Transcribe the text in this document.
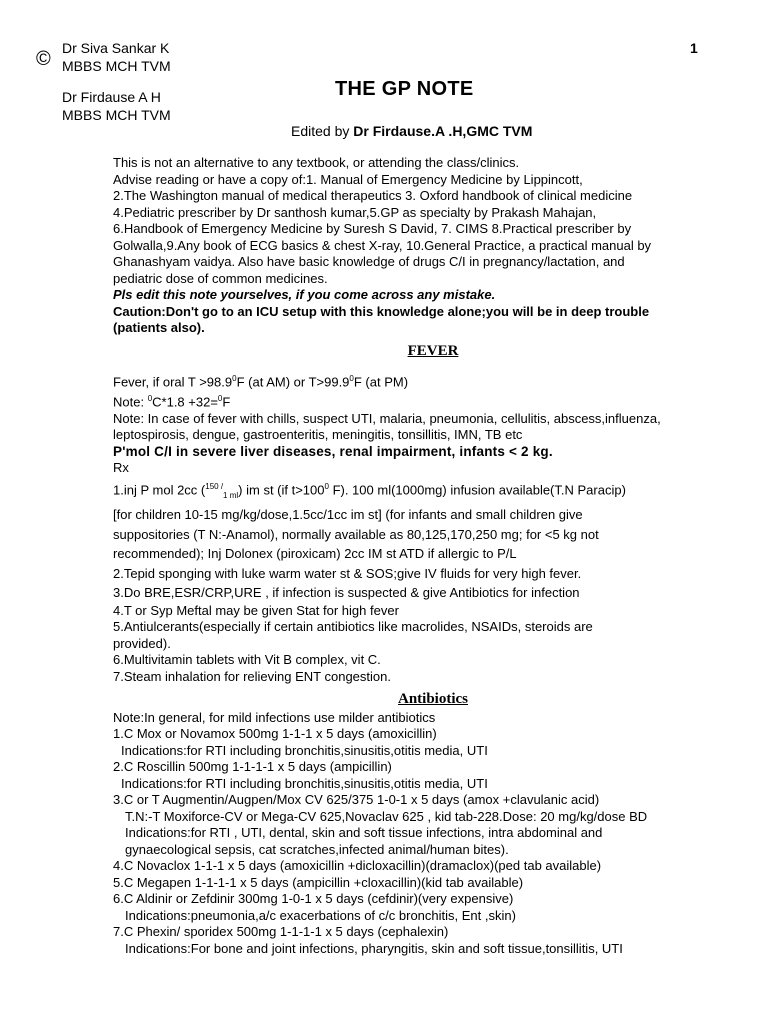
© Dr Siva Sankar K
MBBS MCH TVM
Dr Firdause A H
MBBS MCH TVM
1
THE GP NOTE
Edited by Dr Firdause.A .H,GMC TVM

This is not an alternative to any textbook, or attending the class/clinics.

Advise reading or have a copy of:1. Manual of Emergency Medicine by Lippincott,

2.The Washington manual of medical therapeutics 3. Oxford handbook of clinical medicine

4.Pediatric prescriber by Dr santhosh kumar,5.GP as specialty by Prakash Mahajan,

6.Handbook of Emergency Medicine by Suresh S David, 7. CIMS 8.Practical prescriber by

Golwalla,9.Any book of ECG basics & chest X-ray, 10.General Practice, a practical manual by

Ghanashyam vaidya. Also have basic knowledge of drugs C/I in pregnancy/lactation, and

pediatric dose of common medicines.

Pls edit this note yourselves, if you come across any mistake.

Caution:Don't go to an ICU setup with this knowledge alone;you will be in deep trouble

(patients also).

FEVER

Fever, if oral $T >98.9^0F$ (at AM) or $T>99.9^0F$ (at PM)

Note: $^0$C*1.8 +32=$^0$F

Note: In case of fever with chills, suspect UTI, malaria, pneumonia, cellulitis, abscess,influenza,

leptospirosis, dengue, gastroenteritis, meningitis, tonsillitis, IMN, TB etc

P'mol C/I in severe liver diseases, renal impairment, infants < 2 kg.

Rx

1.inj P mol 2cc ($^{150 /}_{1 ml}$) im st (if $t>100^0$ F). 100 ml(1000mg) infusion available(T.N Paracip)

[for children 10-15 mg/kg/dose,1.5cc/1cc im st] (for infants and small children give

suppositories (T N:-Anamol), normally available as 80,125,170,250 mg; for <5 kg not

recommended); Inj Dolonex (piroxicam) 2cc IM st ATD if allergic to P/L

2.Tepid sponging with luke warm water st & SOS;give IV fluids for very high fever.

3.Do BRE,ESR/CRP,URE , if infection is suspected & give Antibiotics for infection

4.T or Syp Meftal may be given Stat for high fever

5.Antiulcerants(especially if certain antibiotics like macrolides, NSAIDs, steroids are

provided).

6.Multivitamin tablets with Vit B complex, vit C.

7.Steam inhalation for relieving ENT congestion.

Antibiotics

Note:In general, for mild infections use milder antibiotics

1.C Mox or Novamox 500mg 1-1-1 x 5 days (amoxicillin)

Indications:for RTI including bronchitis,sinusitis,otitis media, UTI

2.C Roscillin 500mg 1-1-1-1 x 5 days (ampicillin)

Indications:for RTI including bronchitis,sinusitis,otitis media, UTI

3.C or T Augmentin/Augpen/Mox CV 625/375 1-0-1 x 5 days (amox +clavulanic acid)

T.N:-T Moxiforce-CV or Mega-CV 625,Novaclav 625 , kid tab-228.Dose: 20 mg/kg/dose BD

Indications:for RTI , UTI, dental, skin and soft tissue infections, intra abdominal and

gynaecological sepsis, cat scratches,infected animal/human bites).

4.C Novaclox 1-1-1 x 5 days (amoxicillin +dicloxacillin)(dramaclox)(ped tab available)

5.C Megapen 1-1-1-1 x 5 days (ampicillin +cloxacillin)(kid tab available)

6.C Aldinir or Zefdinir 300mg 1-0-1 x 5 days (cefdinir)(very expensive)

Indications:pneumonia,a/c exacerbations of c/c bronchitis, Ent ,skin)

7.C Phexin/ sporidex 500mg 1-1-1-1 x 5 days (cephalexin)

Indications:For bone and joint infections, pharyngitis, skin and soft tissue,tonsillitis, UTI
